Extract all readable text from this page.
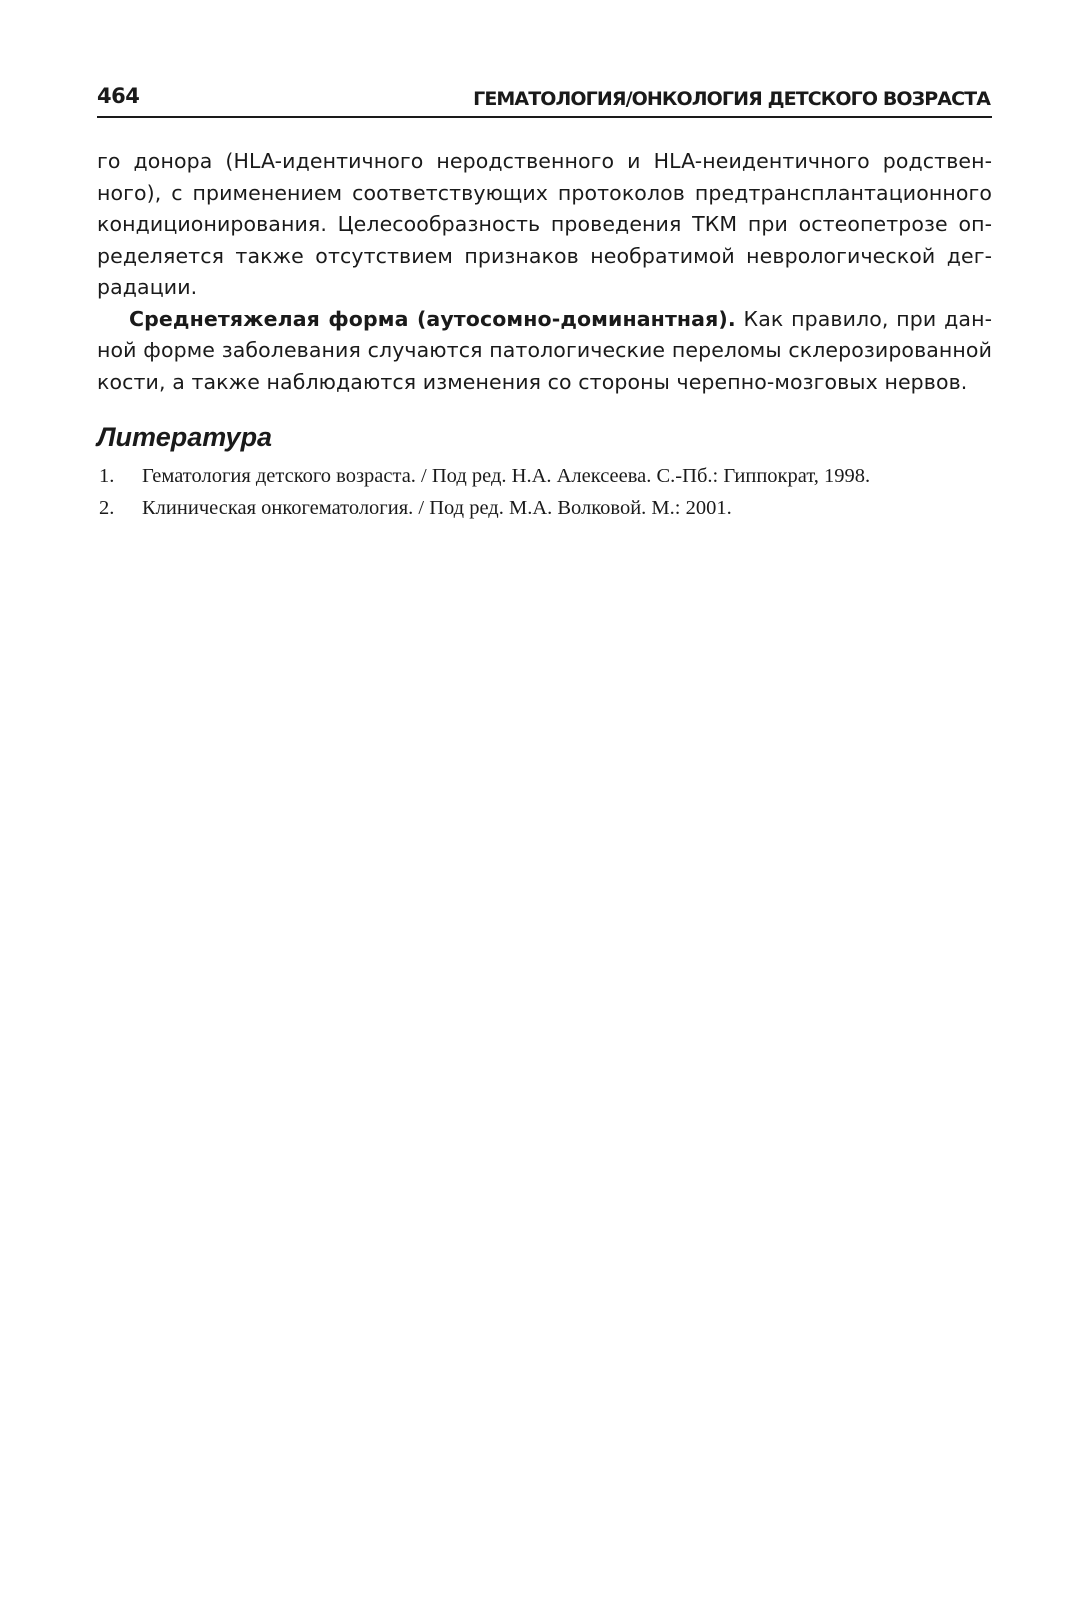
464	ГЕМАТОЛОГИЯ/ОНКОЛОГИЯ ДЕТСКОГО ВОЗРАСТА

го донора (HLA-идентичного неродственного и HLA-неидентичного родственного), с применением соответствующих протоколов предтрансплантационного кондиционирования. Целесообразность проведения ТКМ при остеопетрозе определяется также отсутствием признаков необратимой неврологической деградации.

Среднетяжелая форма (аутосомно-доминантная). Как правило, при данной форме заболевания случаются патологические переломы склерозированной кости, а также наблюдаются изменения со стороны черепно-мозговых нервов.

Литература
1. Гематология детского возраста. / Под ред. Н.А. Алексеева. С.-Пб.: Гиппократ, 1998.
2. Клиническая онкогематология. / Под ред. М.А. Волковой. М.: 2001.
